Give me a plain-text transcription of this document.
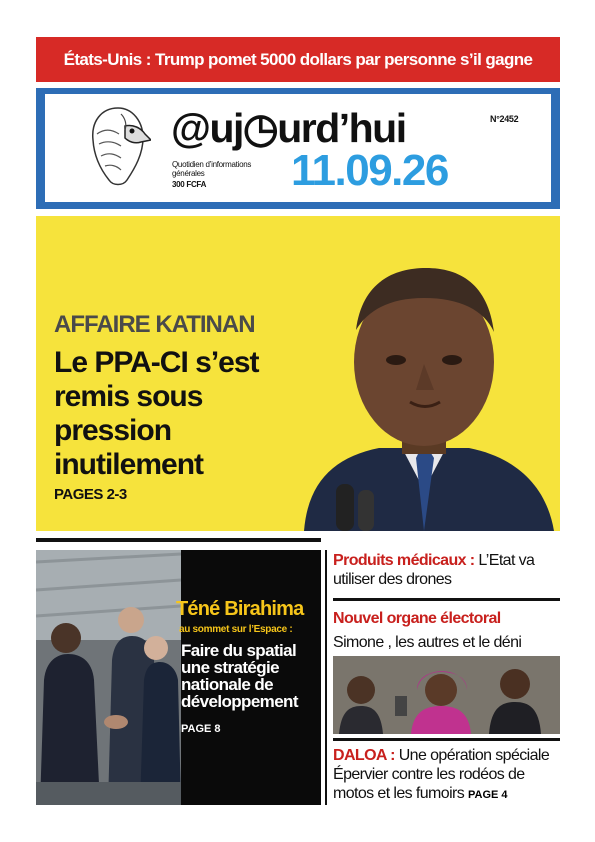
États-Unis : Trump pomet 5000 dollars par personne s’il gagne
@uj◷urd’hui	N°2452
Quotidien d’informations générales
300 FCFA 11.09.26
AFFAIRE KATINAN
Le PPA-CI s’est remis sous pression inutilement
PAGES 2-3
Téné Birahima
au sommet sur l’Espace :
Faire du spatial une stratégie nationale de développement
PAGE 8
Produits médicaux : L’Etat va utiliser des drones
Nouvel organe électoral
Simone , les autres et le déni
DALOA : Une opération spéciale Épervier contre les rodéos de motos et les fumoirs PAGE 4
